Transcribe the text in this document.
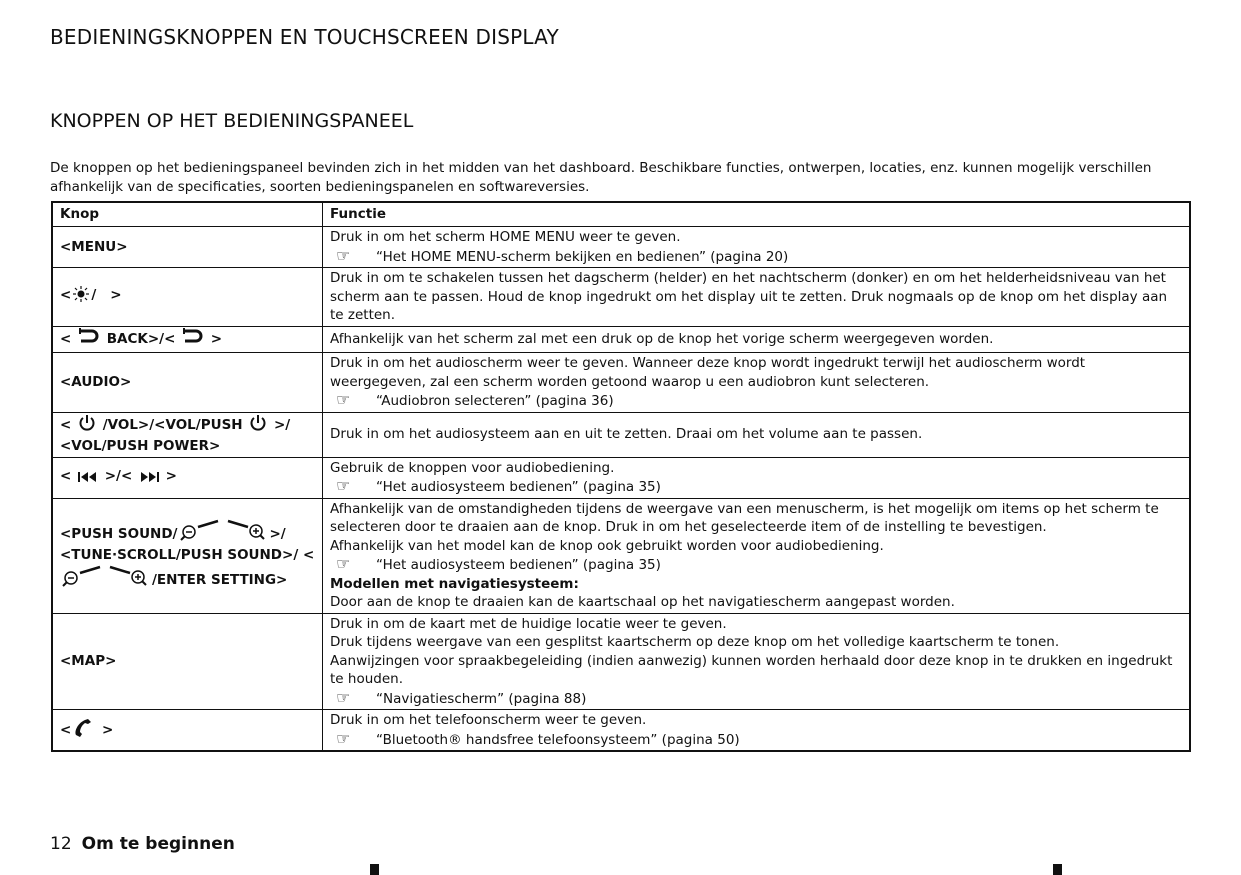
BEDIENINGSKNOPPEN EN TOUCHSCREEN DISPLAY
KNOPPEN OP HET BEDIENINGSPANEEL
De knoppen op het bedieningspaneel bevinden zich in het midden van het dashboard. Beschikbare functies, ontwerpen, locaties, enz. kunnen mogelijk verschillen afhankelijk van de specificaties, soorten bedieningspanelen en softwareversies.
Knop	Functie
<MENU>	Druk in om het scherm HOME MENU weer te geven.
☞ “Het HOME MENU-scherm bekijken en bedienen” (pagina 20)

< / >	Druk in om te schakelen tussen het dagscherm (helder) en het nachtscherm (donker) en om het helderheidsniveau van het scherm aan te passen. Houd de knop ingedrukt om het display uit te zetten. Druk nogmaals op de knop om het display aan te zetten.

<  BACK>/<  >	Afhankelijk van het scherm zal met een druk op de knop het vorige scherm weergegeven worden.

<AUDIO>	Druk in om het audioscherm weer te geven. Wanneer deze knop wordt ingedrukt terwijl het audioscherm wordt weergegeven, zal een scherm worden getoond waarop u een audiobron kunt selecteren.
☞ “Audiobron selecteren” (pagina 36)

<  /VOL>/<VOL/PUSH  >/ <VOL/PUSH POWER>	Druk in om het audiosysteem aan en uit te zetten. Draai om het volume aan te passen.

<  >/<  >	Gebruik de knoppen voor audiobediening.
☞ “Het audiosysteem bedienen” (pagina 35)

<PUSH SOUND/ >/ <TUNE·SCROLL/PUSH SOUND>/ </ENTER SETTING>	Afhankelijk van de omstandigheden tijdens de weergave van een menuscherm, is het mogelijk om items op het scherm te selecteren door te draaien aan de knop. Druk in om het geselecteerde item of de instelling te bevestigen.
Afhankelijk van het model kan de knop ook gebruikt worden voor audiobediening.
☞ “Het audiosysteem bedienen” (pagina 35)
Modellen met navigatiesysteem:
Door aan de knop te draaien kan de kaartschaal op het navigatiescherm aangepast worden.

<MAP>	Druk in om de kaart met de huidige locatie weer te geven.
Druk tijdens weergave van een gesplitst kaartscherm op deze knop om het volledige kaartscherm te tonen.
Aanwijzingen voor spraakbegeleiding (indien aanwezig) kunnen worden herhaald door deze knop in te drukken en ingedrukt te houden.
☞ “Navigatiescherm” (pagina 88)

< >	Druk in om het telefoonscherm weer te geven.
☞ “Bluetooth® handsfree telefoonsysteem” (pagina 50)
12 Om te beginnen
